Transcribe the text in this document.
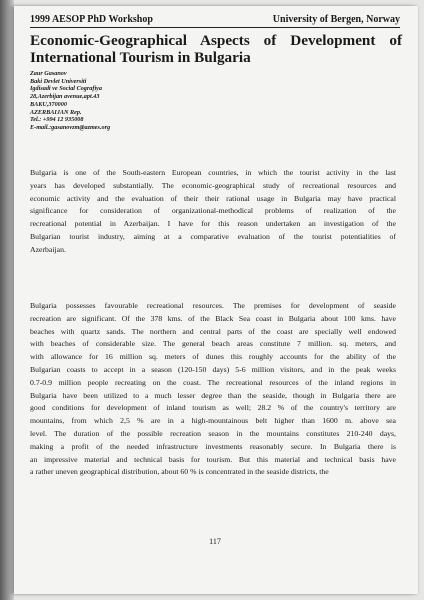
1999 AESOP PhD Workshop	University of Bergen, Norway
Economic-Geographical Aspects of Development of International Tourism in Bulgaria
Zaur Gasanov
Baki Devlet Universiti
Igdisadi ve Social Cografiya
28,Azerbijan avenue,apt.43
BAKU,370000
AZERBAIJAN Rep.
Tel.: +994 12 935008
E-mail.:gasanovzm@azmes.org
Bulgaria is one of the South-eastern European countries, in which the tourist activity in the last
years has developed substantially. The economic-geographical study of recreational resources and
economic activity and the evaluation of their their rational usage in Bulgaria may have practical
significance for consideration of organizational-methodical problems of realization of the
recreational potential in Azerbaijan. I have for this reason undertaken an investigation of the
Bulgarian tourist industry, aiming at a comparative evaluation of the tourist potentialities of
Azerbaijan.
Bulgaria possesses favourable recreational resources. The premises for development of seaside
recreation are significant. Of the 378 kms. of the Black Sea coast in Bulgaria about 100 kms. have
beaches with quartz sands. The northern and central parts of the coast are specially well endowed
with beaches of considerable size. The general beach areas constitute 7 million. sq. meters, and
with allowance for 16 million sq. meters of dunes this roughly accounts for the ability of the
Bulgarian coasts to accept in a season (120-150 days) 5-6 million visitors, and in the peak weeks
0.7-0.9 million people recreating on the coast. The recreational resources of the inland regions in
Bulgaria have been utilized to a much lesser degree than the seaside, though in Bulgaria there are
good conditions for development of inland tourism as well; 28.2 % of the country's territory are
mountains, from which 2,5 % are in a high-mountainous belt higher than 1600 m. above sea
level. The duration of the possible recreation season in the mountains constitutes 210-240 days,
making a profit of the needed infrastructure investments reasonably secure. In Bulgaria there is
an impressive material and technical basis for tourism. But this material and technical basis have
a rather uneven geographical distribution, about 60 % is concentrated in the seaside districts, the
117
